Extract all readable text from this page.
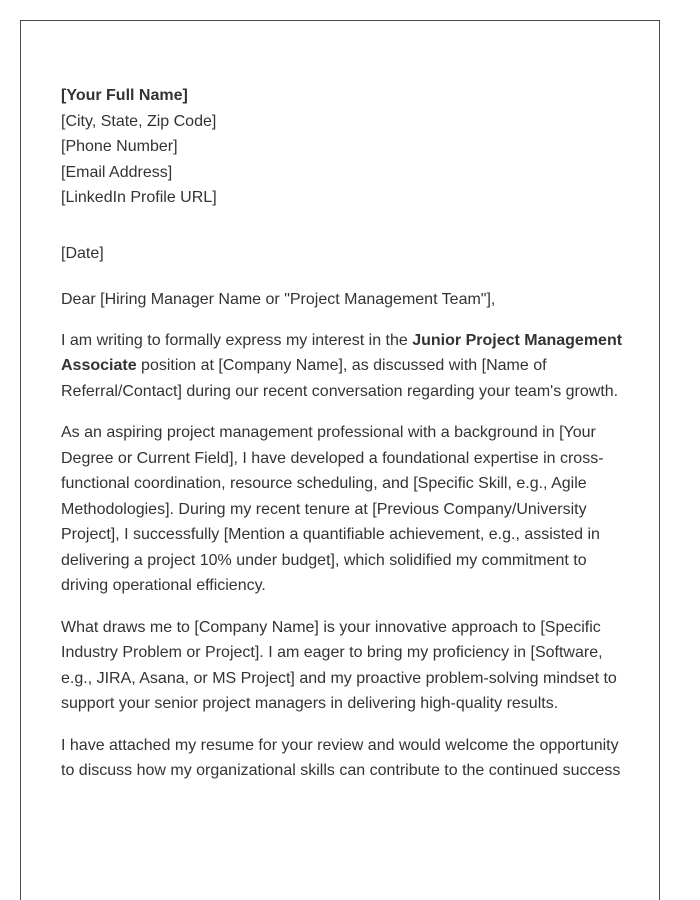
[Your Full Name]
[City, State, Zip Code]
[Phone Number]
[Email Address]
[LinkedIn Profile URL]
[Date]
Dear [Hiring Manager Name or "Project Management Team"],

I am writing to formally express my interest in the Junior Project Management Associate position at [Company Name], as discussed with [Name of Referral/Contact] during our recent conversation regarding your team's growth.

As an aspiring project management professional with a background in [Your Degree or Current Field], I have developed a foundational expertise in cross-functional coordination, resource scheduling, and [Specific Skill, e.g., Agile Methodologies]. During my recent tenure at [Previous Company/University Project], I successfully [Mention a quantifiable achievement, e.g., assisted in delivering a project 10% under budget], which solidified my commitment to driving operational efficiency.

What draws me to [Company Name] is your innovative approach to [Specific Industry Problem or Project]. I am eager to bring my proficiency in [Software, e.g., JIRA, Asana, or MS Project] and my proactive problem-solving mindset to support your senior project managers in delivering high-quality results.

I have attached my resume for your review and would welcome the opportunity to discuss how my organizational skills can contribute to the continued success
